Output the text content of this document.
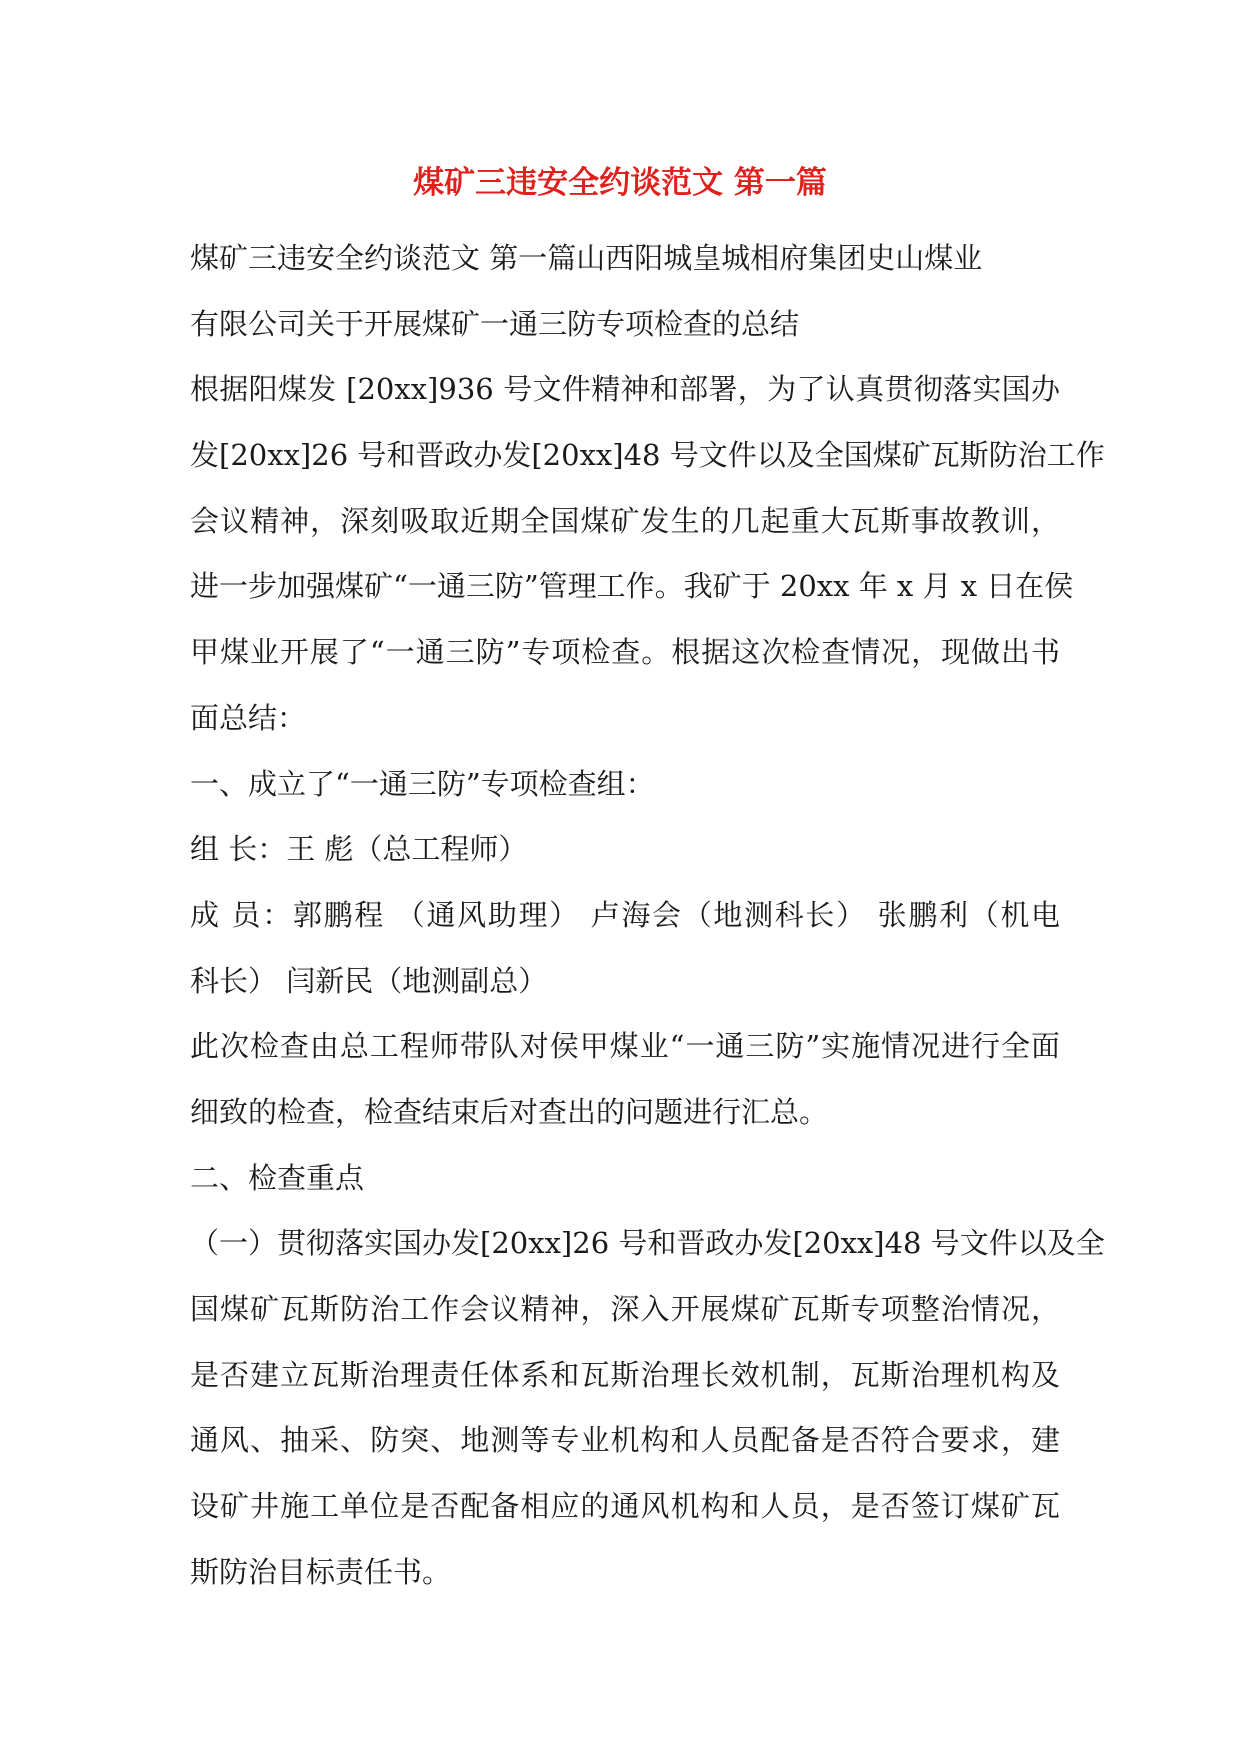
煤矿三违安全约谈范文 第一篇

煤矿三违安全约谈范文 第一篇山西阳城皇城相府集团史山煤业

有限公司关于开展煤矿一通三防专项检查的总结

根据阳煤发 [20xx]936 号文件精神和部署，为了认真贯彻落实国办

发[20xx]26 号和晋政办发[20xx]48 号文件以及全国煤矿瓦斯防治工作

会议精神，深刻吸取近期全国煤矿发生的几起重大瓦斯事故教训，

进一步加强煤矿“一通三防”管理工作。我矿于 20xx 年 x 月 x 日在侯

甲煤业开展了“一通三防”专项检查。根据这次检查情况，现做出书

面总结：

一、成立了“一通三防”专项检查组：

组 长：王 彪（总工程师）

成 员：郭鹏程 （通风助理） 卢海会（地测科长） 张鹏利（机电

科长） 闫新民（地测副总）

此次检查由总工程师带队对侯甲煤业“一通三防”实施情况进行全面

细致的检查，检查结束后对查出的问题进行汇总。

二、检查重点

（一）贯彻落实国办发[20xx]26 号和晋政办发[20xx]48 号文件以及全

国煤矿瓦斯防治工作会议精神，深入开展煤矿瓦斯专项整治情况，

是否建立瓦斯治理责任体系和瓦斯治理长效机制，瓦斯治理机构及

通风、抽采、防突、地测等专业机构和人员配备是否符合要求，建

设矿井施工单位是否配备相应的通风机构和人员，是否签订煤矿瓦

斯防治目标责任书。
